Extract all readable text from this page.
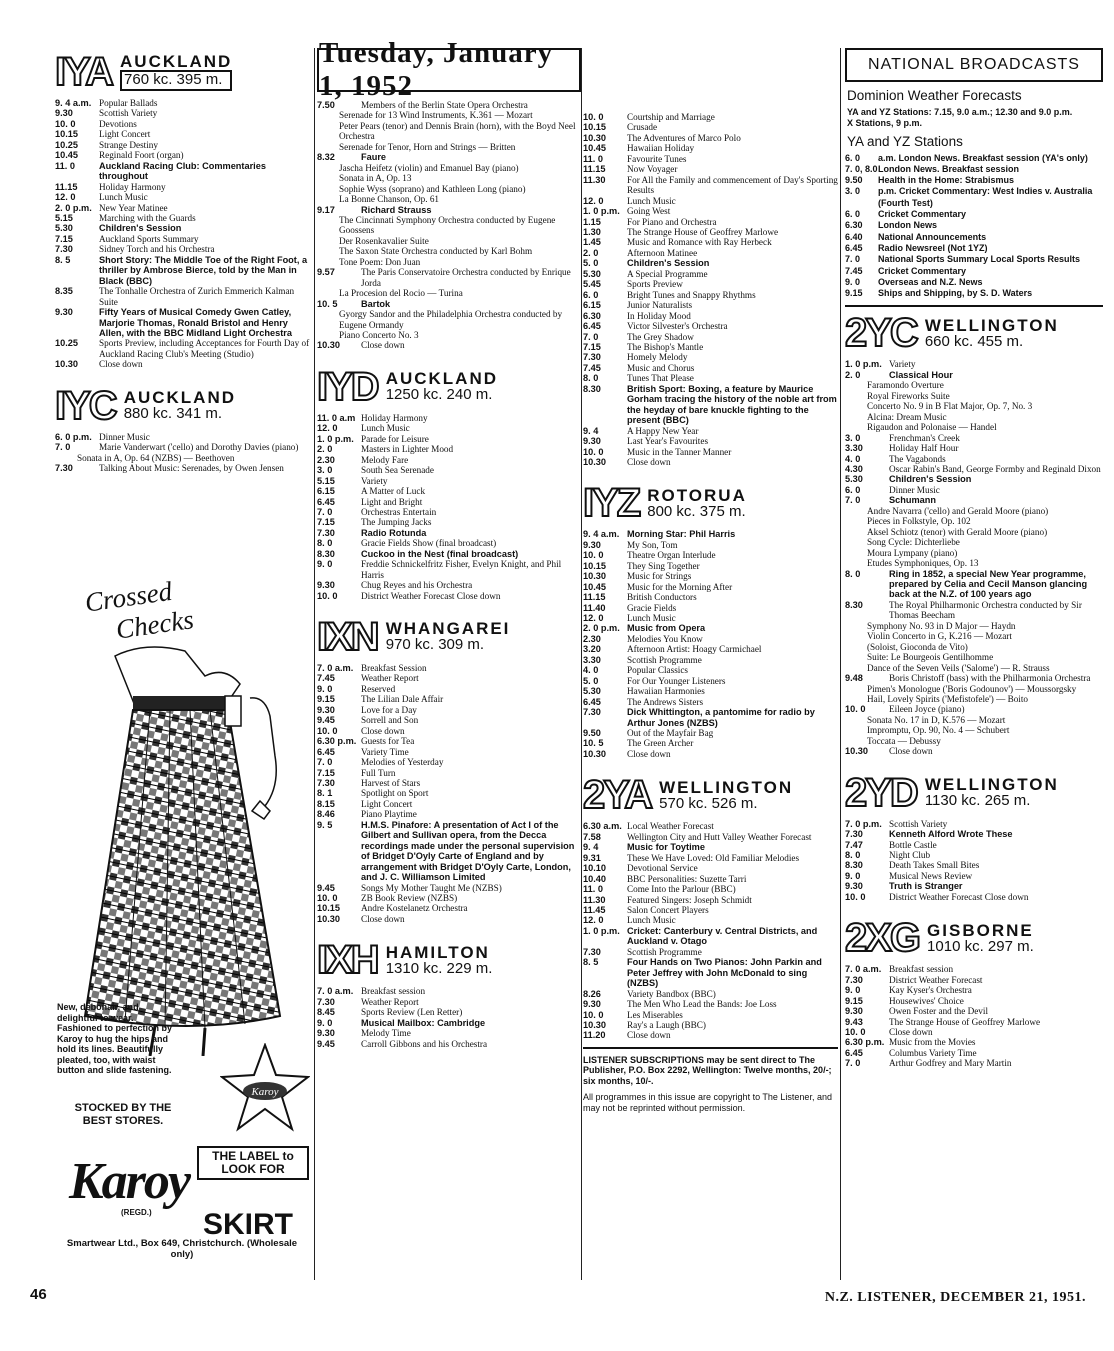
IYA AUCKLAND
760 kc. 395 m.
9. 4 a.m. Popular Ballads
9.30	Scottish Variety
10. 0	Devotions
10.15	Light Concert
10.25	Strange Destiny
10.45	Reginald Foort (organ)
11. 0	Auckland Racing Club: Commentaries throughout
11.15	Holiday Harmony
12. 0	Lunch Music
2. 0 p.m. New Year Matinee
5.15	Marching with the Guards
5.30	Children's Session
7.15	Auckland Sports Summary
7.30	Sidney Torch and his Orchestra
8. 5	Short Story: The Middle Toe of the Right Foot, a thriller by Ambrose Bierce, told by the Man in Black (BBC)
8.35	The Tonhalle Orchestra of Zurich Emmerich Kalman Suite
9.30	Fifty Years of Musical Comedy Gwen Catley, Marjorie Thomas, Ronald Bristol and Henry Allen, with the BBC Midland Light Orchestra
10.25	Sports Preview, including Acceptances for Fourth Day of Auckland Racing Club's Meeting (Studio)
10.30	Close down
IYC AUCKLAND
880 kc. 341 m.
6. 0 p.m. Dinner Music
7. 0	Marie Vanderwart ('cello) and Dorothy Davies (piano)
Sonata in A, Op. 64 (NZBS) — Beethoven
7.30	Talking About Music: Serenades, by Owen Jensen
Crossed
Checks
New, debonair, and delightful to wear. Fashioned to perfection by Karoy to hug the hips and hold its lines. Beautifully pleated, too, with waist button and slide fastening.
Karoy
STOCKED BY THE BEST STORES.
THE LABEL to LOOK FOR
Karoy
(REGD.) SKIRT
Smartwear Ltd., Box 649, Christchurch. (Wholesale only)
Tuesday, January 1, 1952
7.50	Members of the Berlin State Opera Orchestra
Serenade for 13 Wind Instruments, K.361 — Mozart
Peter Pears (tenor) and Dennis Brain (horn), with the Boyd Neel Orchestra
Serenade for Tenor, Horn and Strings — Britten
8.32	Faure
Jascha Heifetz (violin) and Emanuel Bay (piano)
Sonata in A, Op. 13
Sophie Wyss (soprano) and Kathleen Long (piano)
La Bonne Chanson, Op. 61
9.17	Richard Strauss
The Cincinnati Symphony Orchestra conducted by Eugene Goossens
Der Rosenkavalier Suite
The Saxon State Orchestra conducted by Karl Bohm
Tone Poem: Don Juan
9.57	The Paris Conservatoire Orchestra conducted by Enrique Jorda
La Procesion del Rocio — Turina
10. 5	Bartok
Gyorgy Sandor and the Philadelphia Orchestra conducted by Eugene Ormandy
Piano Concerto No. 3
10.30	Close down
IYD AUCKLAND
1250 kc. 240 m.
11. 0 a.m Holiday Harmony
12. 0	Lunch Music
1. 0 p.m. Parade for Leisure
2. 0	Masters in Lighter Mood
2.30	Melody Fare
3. 0	South Sea Serenade
5.15	Variety
6.15	A Matter of Luck
6.45	Light and Bright
7. 0	Orchestras Entertain
7.15	The Jumping Jacks
7.30	Radio Rotunda
8. 0	Gracie Fields Show (final broadcast)
8.30	Cuckoo in the Nest (final broadcast)
9. 0	Freddie Schnickelfritz Fisher, Evelyn Knight, and Phil Harris
9.30	Chug Reyes and his Orchestra
10. 0	District Weather Forecast Close down
IXN WHANGAREI
970 kc. 309 m.
7. 0 a.m. Breakfast Session
7.45	Weather Report
9. 0	Reserved
9.15	The Lilian Dale Affair
9.30	Love for a Day
9.45	Sorrell and Son
10. 0	Close down
6.30 p.m. Guests for Tea
6.45	Variety Time
7. 0	Melodies of Yesterday
7.15	Full Turn
7.30	Harvest of Stars
8. 1	Spotlight on Sport
8.15	Light Concert
8.46	Piano Playtime
9. 5	H.M.S. Pinafore: A presentation of Act I of the Gilbert and Sullivan opera, from the Decca recordings made under the personal supervision of Bridget D'Oyly Carte of England and by arrangement with Bridget D'Oyly Carte, London, and J. C. Williamson Limited
9.45	Songs My Mother Taught Me (NZBS)
10. 0	ZB Book Review (NZBS)
10.15	Andre Kostelanetz Orchestra
10.30	Close down
IXH HAMILTON
1310 kc. 229 m.
7. 0 a.m. Breakfast session
7.30	Weather Report
8.45	Sports Review (Len Retter)
9. 0	Musical Mailbox: Cambridge
9.30	Melody Time
9.45	Carroll Gibbons and his Orchestra
10. 0	Courtship and Marriage
10.15	Crusade
10.30	The Adventures of Marco Polo
10.45	Hawaiian Holiday
11. 0	Favourite Tunes
11.15	Now Voyager
11.30	For All the Family and commencement of Day's Sporting Results
12. 0	Lunch Music
1. 0 p.m. Going West
1.15	For Piano and Orchestra
1.30	The Strange House of Geoffrey Marlowe
1.45	Music and Romance with Ray Herbeck
2. 0	Afternoon Matinee
5. 0	Children's Session
5.30	A Special Programme
5.45	Sports Preview
6. 0	Bright Tunes and Snappy Rhythms
6.15	Junior Naturalists
6.30	In Holiday Mood
6.45	Victor Silvester's Orchestra
7. 0	The Grey Shadow
7.15	The Bishop's Mantle
7.30	Homely Melody
7.45	Music and Chorus
8. 0	Tunes That Please
8.30	British Sport: Boxing, a feature by Maurice Gorham tracing the history of the noble art from the heyday of bare knuckle fighting to the present (BBC)
9. 4	A Happy New Year
9.30	Last Year's Favourites
10. 0	Music in the Tanner Manner
10.30	Close down
IYZ ROTORUA
800 kc. 375 m.
9. 4 a.m. Morning Star: Phil Harris
9.30	My Son, Tom
10. 0	Theatre Organ Interlude
10.15	They Sing Together
10.30	Music for Strings
10.45	Music for the Morning After
11.15	British Conductors
11.40	Gracie Fields
12. 0	Lunch Music
2. 0 p.m. Music from Opera
2.30	Melodies You Know
3.20	Afternoon Artist: Hoagy Carmichael
3.30	Scottish Programme
4. 0	Popular Classics
5. 0	For Our Younger Listeners
5.30	Hawaiian Harmonies
6.45	The Andrews Sisters
7.30	Dick Whittington, a pantomime for radio by Arthur Jones (NZBS)
9.50	Out of the Mayfair Bag
10. 5	The Green Archer
10.30	Close down
2YA WELLINGTON
570 kc. 526 m.
6.30 a.m. Local Weather Forecast
7.58	Wellington City and Hutt Valley Weather Forecast
9. 4	Music for Toytime
9.31	These We Have Loved: Old Familiar Melodies
10.10	Devotional Service
10.40	BBC Personalities: Suzette Tarri
11. 0	Come Into the Parlour (BBC)
11.30	Featured Singers: Joseph Schmidt
11.45	Salon Concert Players
12. 0	Lunch Music
1. 0 p.m. Cricket: Canterbury v. Central Districts, and Auckland v. Otago
7.30	Scottish Programme
8. 5	Four Hands on Two Pianos: John Parkin and Peter Jeffrey with John McDonald to sing (NZBS)
8.26	Variety Bandbox (BBC)
9.30	The Men Who Lead the Bands: Joe Loss
10. 0	Les Miserables
10.30	Ray's a Laugh (BBC)
11.20	Close down
LISTENER SUBSCRIPTIONS may be sent direct to The Publisher, P.O. Box 2292, Wellington: Twelve months, 20/-; six months, 10/-.
All programmes in this issue are copyright to The Listener, and may not be reprinted without permission.
NATIONAL BROADCASTS
Dominion Weather Forecasts
YA and YZ Stations: 7.15, 9.0 a.m.; 12.30 and 9.0 p.m.
X Stations, 9 p.m.
YA and YZ Stations
6. 0	a.m. London News. Breakfast session (YA's only)
7. 0, 8.0 London News. Breakfast session
9.50	Health in the Home: Strabismus
3. 0	p.m. Cricket Commentary: West Indies v. Australia (Fourth Test)
6. 0	Cricket Commentary
6.30	London News
6.40	National Announcements
6.45	Radio Newsreel (Not 1YZ)
7. 0	National Sports Summary Local Sports Results
7.45	Cricket Commentary
9. 0	Overseas and N.Z. News
9.15	Ships and Shipping, by S. D. Waters
2YC WELLINGTON
660 kc. 455 m.
1. 0 p.m. Variety
2. 0	Classical Hour
Faramondo Overture
Royal Fireworks Suite
Concerto No. 9 in B Flat Major, Op. 7, No. 3
Alcina: Dream Music
Rigaudon and Polonaise — Handel
3. 0	Frenchman's Creek
3.30	Holiday Half Hour
4. 0	The Vagabonds
4.30	Oscar Rabin's Band, George Formby and Reginald Dixon
5.30	Children's Session
6. 0	Dinner Music
7. 0	Schumann
Andre Navarra ('cello) and Gerald Moore (piano)
Pieces in Folkstyle, Op. 102
Aksel Schiotz (tenor) with Gerald Moore (piano)
Song Cycle: Dichterliebe
Moura Lympany (piano)
Etudes Symphoniques, Op. 13
8. 0	Ring in 1852, a special New Year programme, prepared by Celia and Cecil Manson glancing back at the N.Z. of 100 years ago
8.30	The Royal Philharmonic Orchestra conducted by Sir Thomas Beecham
Symphony No. 93 in D Major — Haydn
Violin Concerto in G, K.216 — Mozart
(Soloist, Gioconda de Vito)
Suite: Le Bourgeois Gentilhomme
Dance of the Seven Veils ('Salome') — R. Strauss
9.48	Boris Christoff (bass) with the Philharmonia Orchestra
Pimen's Monologue ('Boris Godounov') — Moussorgsky
Hail, Lovely Spirits ('Mefistofele') — Boito
10. 0	Eileen Joyce (piano)
Sonata No. 17 in D, K.576 — Mozart
Impromptu, Op. 90, No. 4 — Schubert
Toccata — Debussy
10.30	Close down
2YD WELLINGTON
1130 kc. 265 m.
7. 0 p.m. Scottish Variety
7.30	Kenneth Alford Wrote These
7.47	Bottle Castle
8. 0	Night Club
8.30	Death Takes Small Bites
9. 0	Musical News Review
9.30	Truth is Stranger
10. 0	District Weather Forecast Close down
2XG GISBORNE
1010 kc. 297 m.
7. 0 a.m. Breakfast session
7.30	District Weather Forecast
9. 0	Kay Kyser's Orchestra
9.15	Housewives' Choice
9.30	Owen Foster and the Devil
9.43	The Strange House of Geoffrey Marlowe
10. 0	Close down
6.30 p.m. Music from the Movies
6.45	Columbus Variety Time
7. 0	Arthur Godfrey and Mary Martin
46	N.Z. LISTENER, DECEMBER 21, 1951.
